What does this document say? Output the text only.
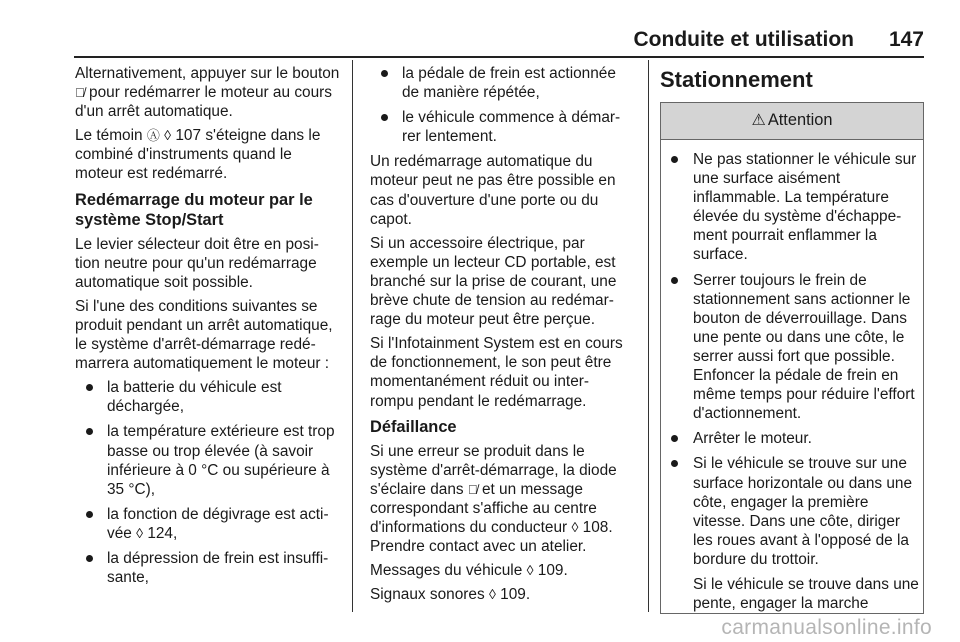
Conduite et utilisation 147

Alternativement, appuyer sur le bouton Ⓐ̸ pour redémarrer le moteur au cours d'un arrêt automatique.

Le témoin Ⓐ ◊ 107 s'éteigne dans le combiné d'instruments quand le moteur est redémarré.

Redémarrage du moteur par le système Stop/Start

Le levier sélecteur doit être en posi- tion neutre pour qu'un redémarrage automatique soit possible.

Si l'une des conditions suivantes se produit pendant un arrêt automatique, le système d'arrêt-démarrage redé- marrera automatiquement le moteur :

la batterie du véhicule est déchargée,
la température extérieure est trop basse ou trop élevée (à savoir inférieure à 0 °C ou supérieure à 35 °C),
la fonction de dégivrage est acti- vée ◊ 124,
la dépression de frein est insuffi- sante,
la pédale de frein est actionnée de manière répétée,
le véhicule commence à démar- rer lentement.

Un redémarrage automatique du moteur peut ne pas être possible en cas d'ouverture d'une porte ou du capot.

Si un accessoire électrique, par exemple un lecteur CD portable, est branché sur la prise de courant, une brève chute de tension au redémar- rage du moteur peut être perçue.

Si l'Infotainment System est en cours de fonctionnement, le son peut être momentanément réduit ou inter- rompu pendant le redémarrage.

Défaillance

Si une erreur se produit dans le système d'arrêt-démarrage, la diode s'éclaire dans Ⓐ̸ et un message correspondant s'affiche au centre d'informations du conducteur ◊ 108. Prendre contact avec un atelier.

Messages du véhicule ◊ 109.

Signaux sonores ◊ 109.

Stationnement
⚠ Attention
Ne pas stationner le véhicule sur une surface aisément inflammable. La température élevée du système d'échappe- ment pourrait enflammer la surface.
Serrer toujours le frein de stationnement sans actionner le bouton de déverrouillage. Dans une pente ou dans une côte, le serrer aussi fort que possible. Enfoncer la pédale de frein en même temps pour réduire l'effort d'actionnement.
Arrêter le moteur.
Si le véhicule se trouve sur une surface horizontale ou dans une côte, engager la première vitesse. Dans une côte, diriger les roues avant à l'opposé de la bordure du trottoir.

Si le véhicule se trouve dans une pente, engager la marche

carmanualsonline.info
